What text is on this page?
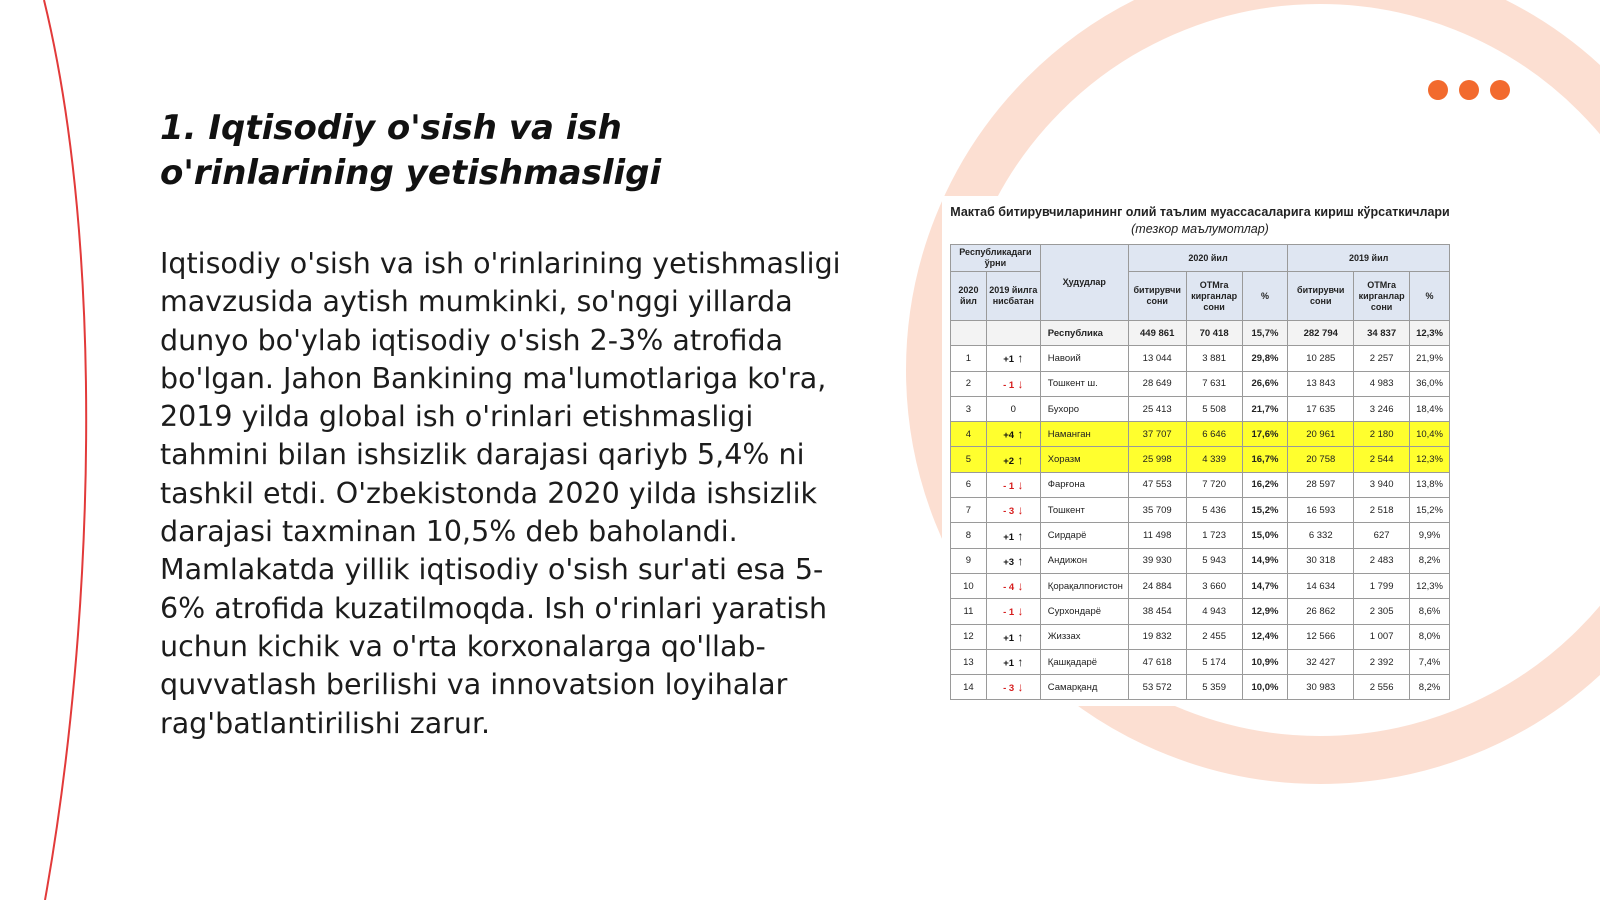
1. Iqtisodiy o'sish va ish o'rinlarining yetishmasligi

Iqtisodiy o'sish va ish o'rinlarining yetishmasligi mavzusida aytish mumkinki, so'nggi yillarda dunyo bo'ylab iqtisodiy o'sish 2-3% atrofida bo'lgan. Jahon Bankining ma'lumotlariga ko'ra, 2019 yilda global ish o'rinlari etishmasligi tahmini bilan ishsizlik darajasi qariyb 5,4% ni tashkil etdi. O'zbekistonda 2020 yilda ishsizlik darajasi taxminan 10,5% deb baholandi. Mamlakatda yillik iqtisodiy o'sish sur'ati esa 5-6% atrofida kuzatilmoqda. Ish o'rinlari yaratish uchun kichik va o'rta korxonalarga qo'llab-quvvatlash berilishi va innovatsion loyihalar rag'batlantirilishi zarur.

Мактаб битирувчиларининг олий таълим муассасаларига кириш кўрсаткичлари (тезкор маълумотлар)
Республикадаги ўрни		Ҳудудлар	2020 йил			2019 йил		
2020 йил	2019 йилга нисбатан		битирувчи сони	ОТМга кирганлар сони	%	битирувчи сони	ОТМга кирганлар сони	%
		Республика	449 861	70 418	15,7%	282 794	34 837	12,3%
1	+1 ↑	Навоий	13 044	3 881	29,8%	10 285	2 257	21,9%
2	- 1 ↓	Тошкент ш.	28 649	7 631	26,6%	13 843	4 983	36,0%
3	0	Бухоро	25 413	5 508	21,7%	17 635	3 246	18,4%
4	+4 ↑	Наманган	37 707	6 646	17,6%	20 961	2 180	10,4%
5	+2 ↑	Хоразм	25 998	4 339	16,7%	20 758	2 544	12,3%
6	- 1 ↓	Фарғона	47 553	7 720	16,2%	28 597	3 940	13,8%
7	- 3 ↓	Тошкент	35 709	5 436	15,2%	16 593	2 518	15,2%
8	+1 ↑	Сирдарё	11 498	1 723	15,0%	6 332	627	9,9%
9	+3 ↑	Андижон	39 930	5 943	14,9%	30 318	2 483	8,2%
10	- 4 ↓	Қорақалпоғистон	24 884	3 660	14,7%	14 634	1 799	12,3%
11	- 1 ↓	Сурхондарё	38 454	4 943	12,9%	26 862	2 305	8,6%
12	+1 ↑	Жиззах	19 832	2 455	12,4%	12 566	1 007	8,0%
13	+1 ↑	Қашқадарё	47 618	5 174	10,9%	32 427	2 392	7,4%
14	- 3 ↓	Самарқанд	53 572	5 359	10,0%	30 983	2 556	8,2%
